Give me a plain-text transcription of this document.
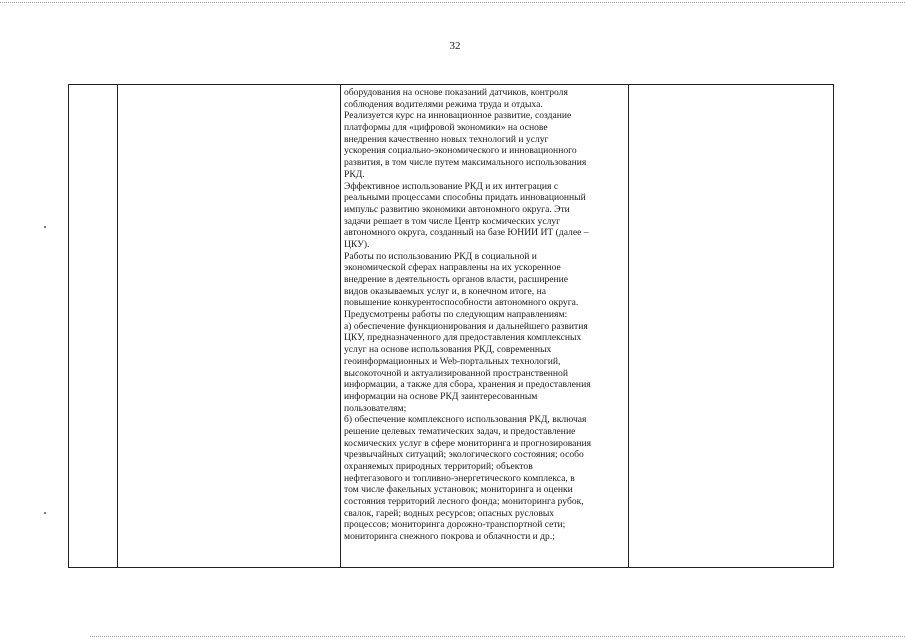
32

оборудования на основе показаний датчиков, контроля
соблюдения водителями режима труда и отдыха.
Реализуется курс на инновационное развитие, создание
платформы для «цифровой экономики» на основе
внедрения качественно новых технологий и услуг
ускорения социально-экономического и инновационного
развития, в том числе путем максимального использования
РКД.
Эффективное использование РКД и их интеграция с
реальными процессами способны придать инновационный
импульс развитию экономики автономного округа. Эти
задачи решает в том числе Центр космических услуг
автономного округа, созданный на базе ЮНИИ ИТ (далее –
ЦКУ).
Работы по использованию РКД в социальной и
экономической сферах направлены на их ускоренное
внедрение в деятельность органов власти, расширение
видов оказываемых услуг и, в конечном итоге, на
повышение конкурентоспособности автономного округа.
Предусмотрены работы по следующим направлениям:
а) обеспечение функционирования и дальнейшего развития
ЦКУ, предназначенного для предоставления комплексных
услуг на основе использования РКД, современных
геоинформационных и Web-портальных технологий,
высокоточной и актуализированной пространственной
информации, а также для сбора, хранения и предоставления
информации на основе РКД заинтересованным
пользователям;
б) обеспечение комплексного использования РКД, включая
решение целевых тематических задач, и предоставление
космических услуг в сфере мониторинга и прогнозирования
чрезвычайных ситуаций; экологического состояния; особо
охраняемых природных территорий; объектов
нефтегазового и топливно-энергетического комплекса, в
том числе факельных установок; мониторинга и оценки
состояния территорий лесного фонда; мониторинга рубок,
свалок, гарей; водных ресурсов; опасных русловых
процессов; мониторинга дорожно-транспортной сети;
мониторинга снежного покрова и облачности и др.;
